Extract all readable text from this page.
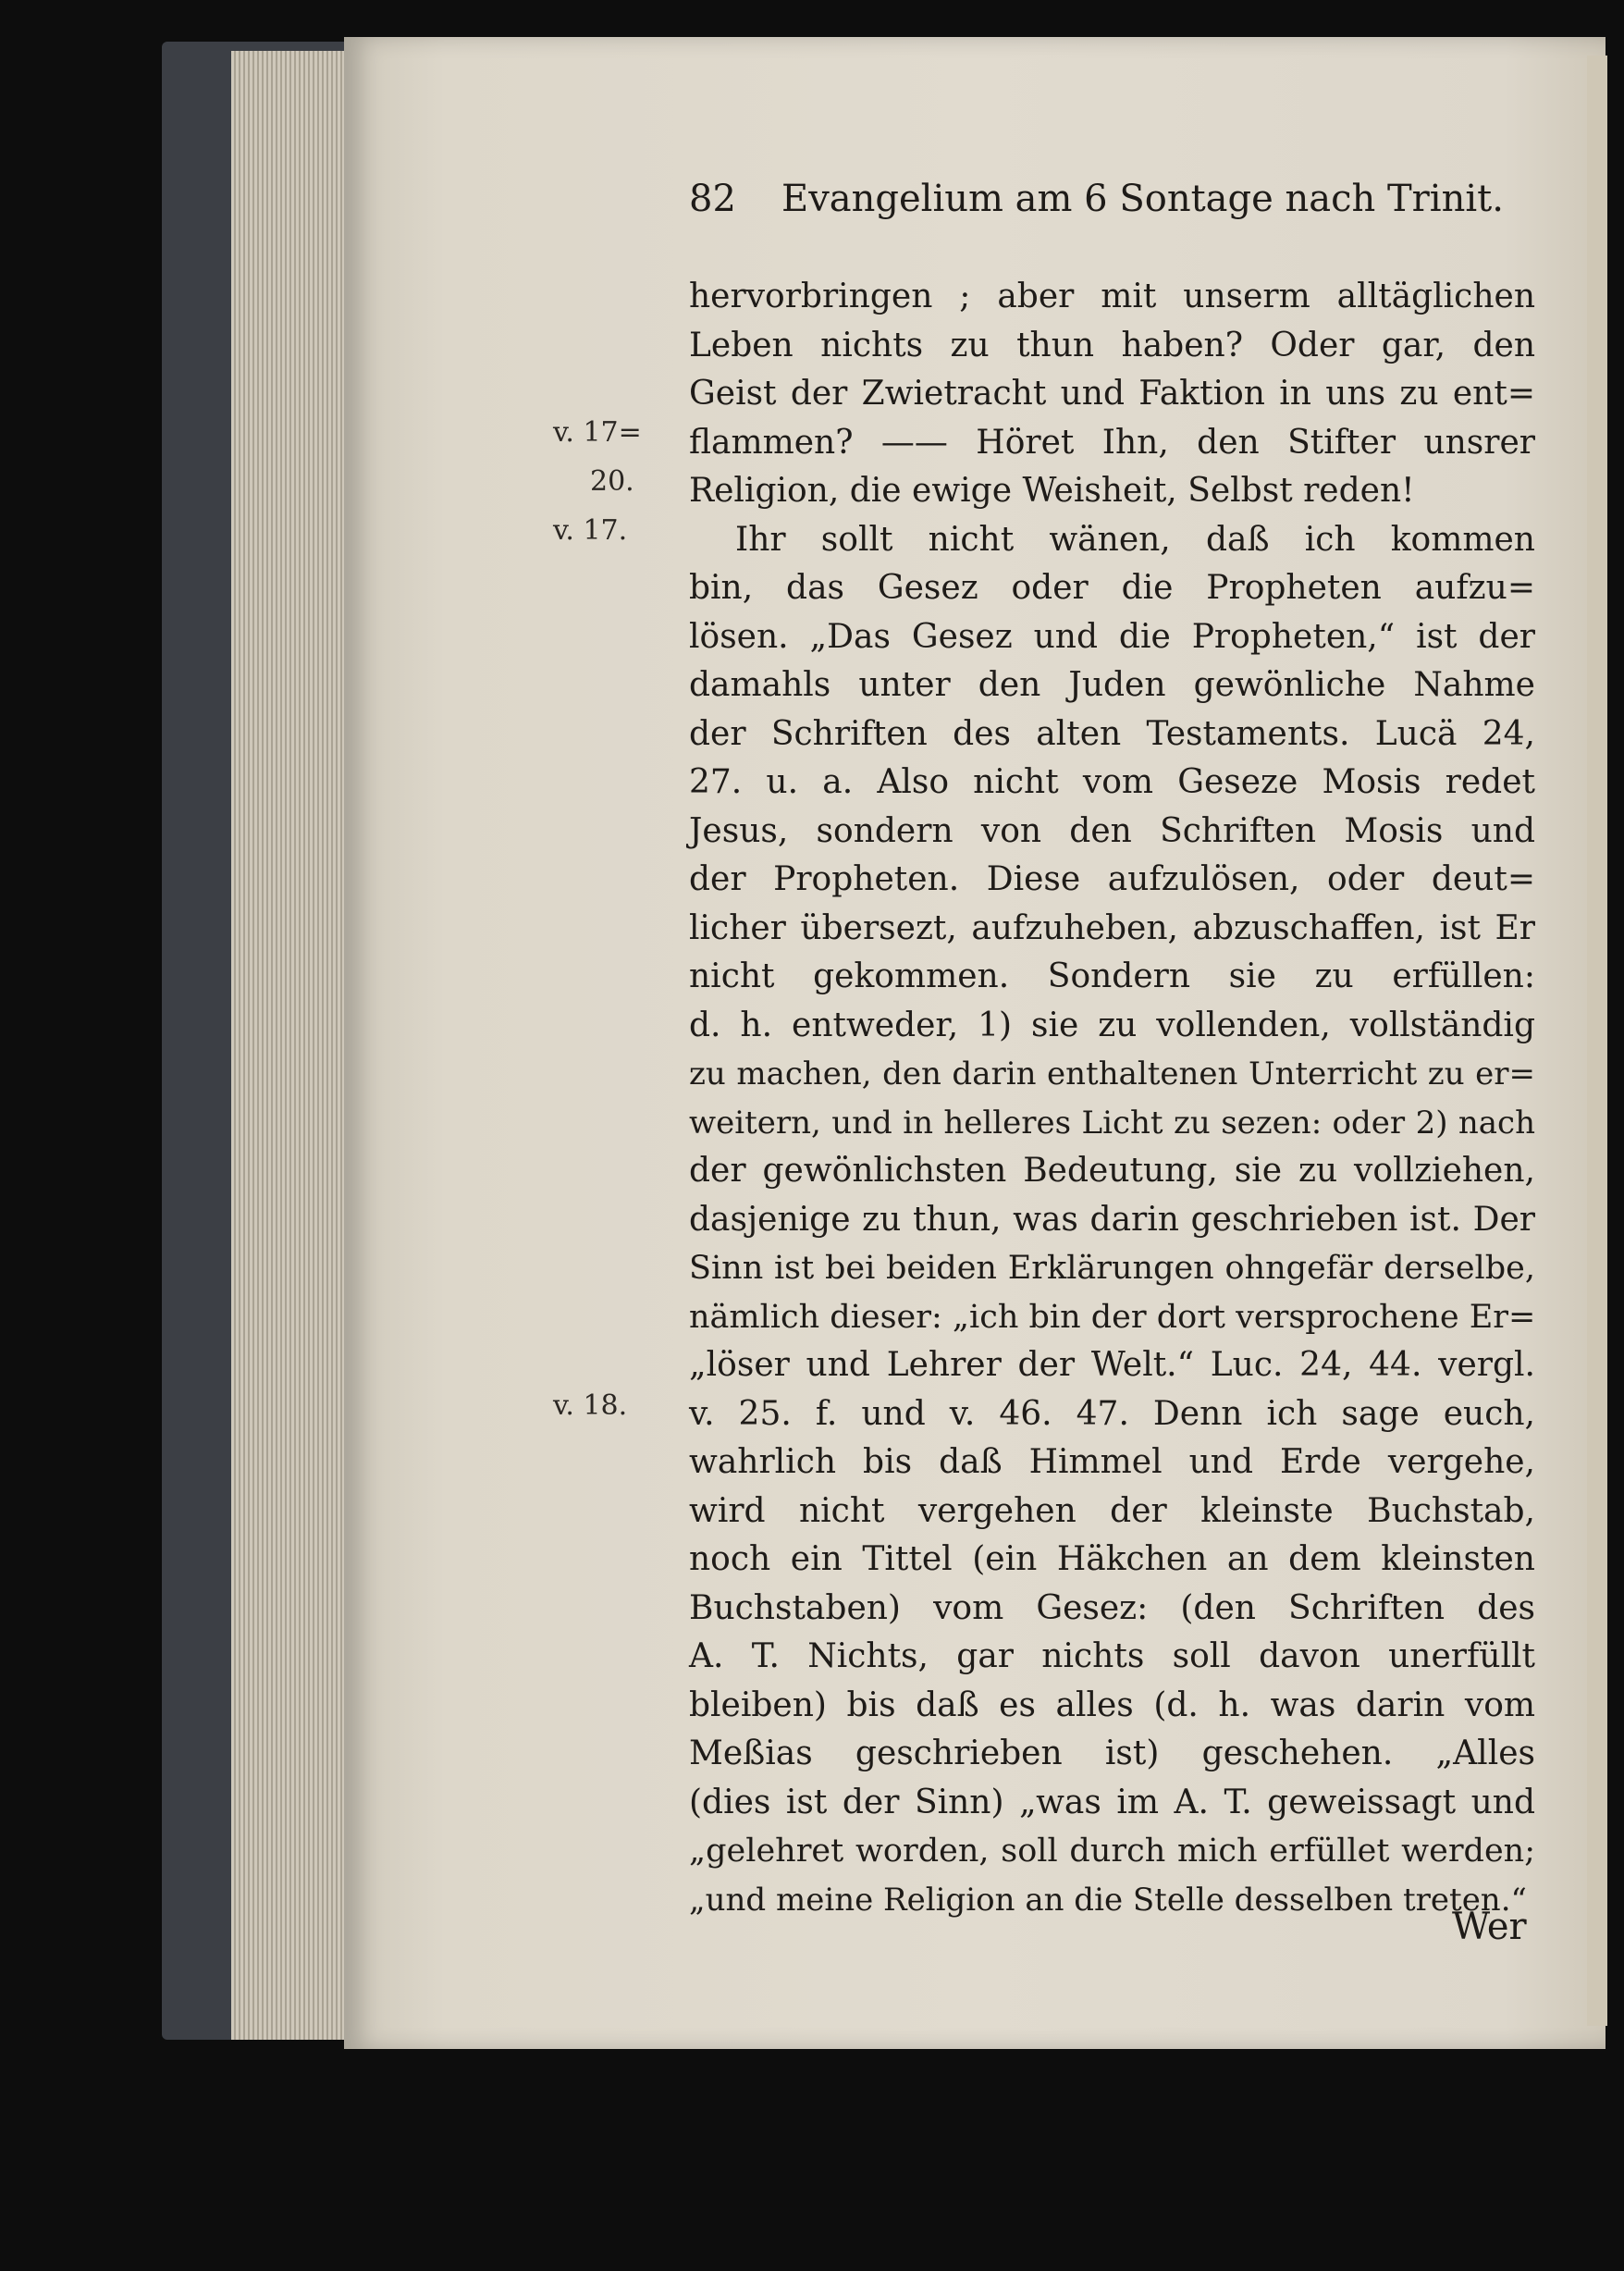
82 Evangelium am 6 Sontage nach Trinit.
v. 17=
20.
v. 17.
v. 18.
hervorbringen ; aber mit unserm alltäglichen
Leben nichts zu thun haben? Oder gar, den
Geist der Zwietracht und Faktion in uns zu ent=
flammen? —— Höret Ihn, den Stifter unsrer
Religion, die ewige Weisheit, Selbst reden!
Ihr sollt nicht wänen, daß ich kommen
bin, das Gesez oder die Propheten aufzu=
lösen. „Das Gesez und die Propheten,“ ist der
damahls unter den Juden gewönliche Nahme
der Schriften des alten Testaments. Lucä 24,
27. u. a. Also nicht vom Geseze Mosis redet
Jesus, sondern von den Schriften Mosis und
der Propheten. Diese aufzulösen, oder deut=
licher übersezt, aufzuheben, abzuschaffen, ist Er
nicht gekommen. Sondern sie zu erfüllen:
d. h. entweder, 1) sie zu vollenden, vollständig
zu machen, den darin enthaltenen Unterricht zu er=
weitern, und in helleres Licht zu sezen: oder 2) nach
der gewönlichsten Bedeutung, sie zu vollziehen,
dasjenige zu thun, was darin geschrieben ist. Der
Sinn ist bei beiden Erklärungen ohngefär derselbe,
nämlich dieser: „ich bin der dort versprochene Er=
„löser und Lehrer der Welt.“ Luc. 24, 44. vergl.
v. 25. f. und v. 46. 47. Denn ich sage euch,
wahrlich bis daß Himmel und Erde vergehe,
wird nicht vergehen der kleinste Buchstab,
noch ein Tittel (ein Häkchen an dem kleinsten
Buchstaben) vom Gesez: (den Schriften des
A. T. Nichts, gar nichts soll davon unerfüllt
bleiben) bis daß es alles (d. h. was darin vom
Meßias geschrieben ist) geschehen. „Alles
(dies ist der Sinn) „was im A. T. geweissagt und
„gelehret worden, soll durch mich erfüllet werden;
„und meine Religion an die Stelle desselben treten.“
Wer
